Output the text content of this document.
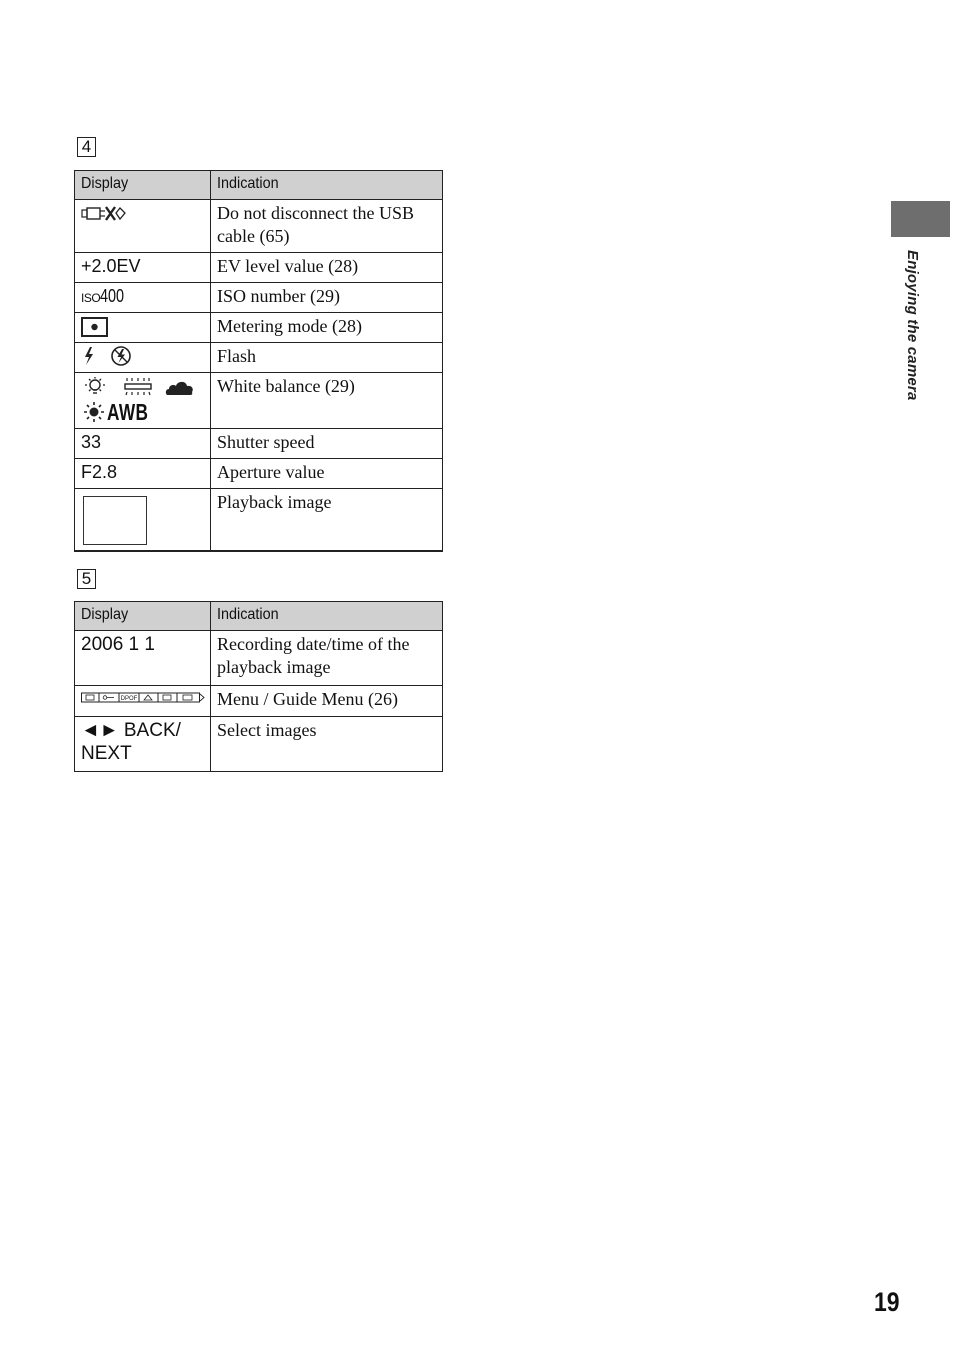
4
Display	Indication
	Do not disconnect the USB cable (65)
+2.0EV	EV level value (28)
ISO400	ISO number (29)
	Metering mode (28)
	Flash

AWB	White balance (29)
33	Shutter speed
F2.8	Aperture value

	Playback image
5
Display	Indication
2006 1 1	Recording date/time of the playback image

DPOF	Menu / Guide Menu (26)

◄► BACK/
NEXT	Select images
Enjoying the camera
19
